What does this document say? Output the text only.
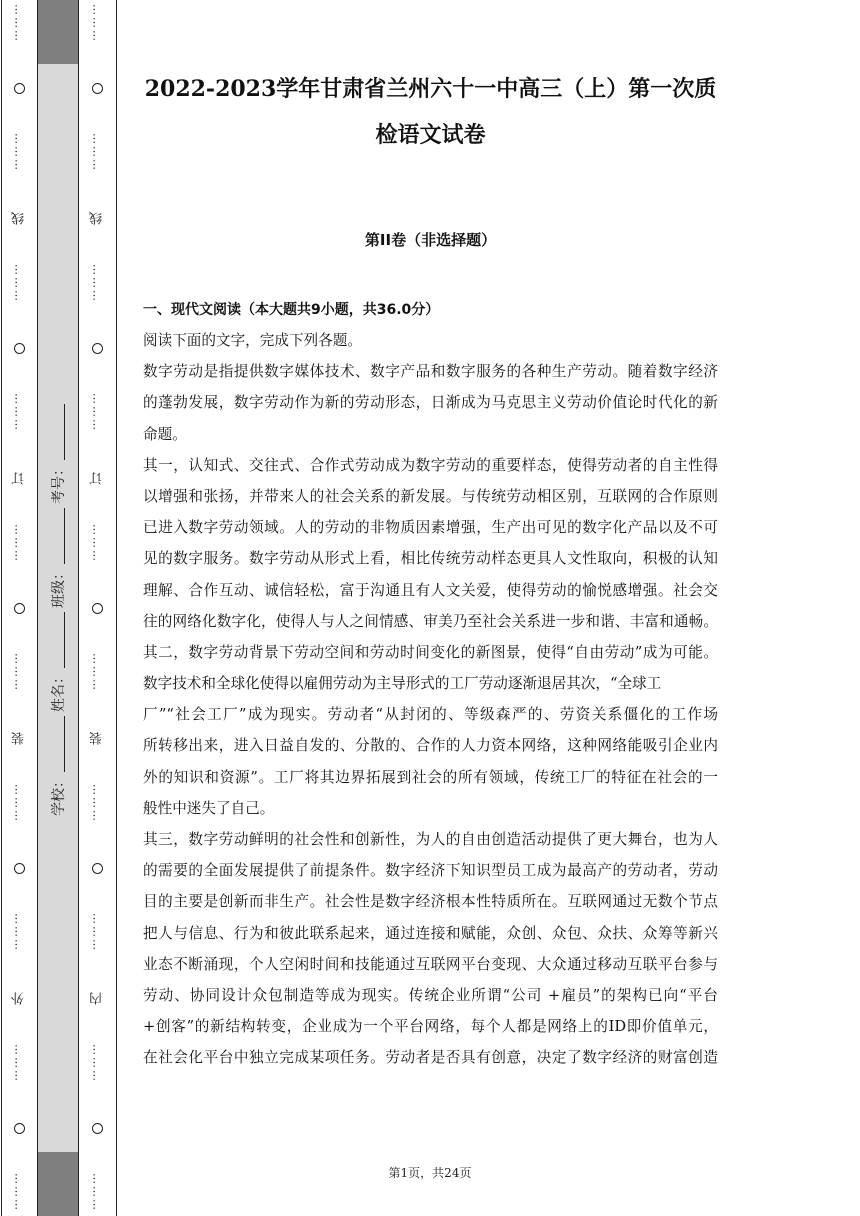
………
………
线
………
………
订
………
………
装
………
………
外
………
………
………
………
线
………
………
订
………
………
装
………
………
内
………
………
学校：
姓名：
班级：
考号：
2022-2023学年甘肃省兰州六十一中高三（上）第一次质
检语文试卷
第II卷（非选择题）
一、现代文阅读（本大题共9小题，共36.0分）
阅读下面的文字，完成下列各题。
数字劳动是指提供数字媒体技术、数字产品和数字服务的各种生产劳动。随着数字经济
的蓬勃发展，数字劳动作为新的劳动形态，日渐成为马克思主义劳动价值论时代化的新
命题。
其一，认知式、交往式、合作式劳动成为数字劳动的重要样态，使得劳动者的自主性得
以增强和张扬，并带来人的社会关系的新发展。与传统劳动相区别，互联网的合作原则
已进入数字劳动领域。人的劳动的非物质因素增强，生产出可见的数字化产品以及不可
见的数字服务。数字劳动从形式上看，相比传统劳动样态更具人文性取向，积极的认知
理解、合作互动、诚信轻松，富于沟通且有人文关爱，使得劳动的愉悦感增强。社会交
往的网络化数字化，使得人与人之间情感、审美乃至社会关系进一步和谐、丰富和通畅。
其二，数字劳动背景下劳动空间和劳动时间变化的新图景，使得“自由劳动”成为可能。
数字技术和全球化使得以雇佣劳动为主导形式的工厂劳动逐渐退居其次，“全球工
厂”“社会工厂”成为现实。劳动者“从封闭的、等级森严的、劳资关系僵化的工作场
所转移出来，进入日益自发的、分散的、合作的人力资本网络，这种网络能吸引企业内
外的知识和资源”。工厂将其边界拓展到社会的所有领域，传统工厂的特征在社会的一
般性中迷失了自己。
其三，数字劳动鲜明的社会性和创新性，为人的自由创造活动提供了更大舞台，也为人
的需要的全面发展提供了前提条件。数字经济下知识型员工成为最高产的劳动者，劳动
目的主要是创新而非生产。社会性是数字经济根本性特质所在。互联网通过无数个节点
把人与信息、行为和彼此联系起来，通过连接和赋能，众创、众包、众扶、众筹等新兴
业态不断涌现，个人空闲时间和技能通过互联网平台变现、大众通过移动互联平台参与
劳动、协同设计众包制造等成为现实。传统企业所谓“公司 +雇员”的架构已向“平台
+创客”的新结构转变，企业成为一个平台网络，每个人都是网络上的ID即价值单元，
在社会化平台中独立完成某项任务。劳动者是否具有创意，决定了数字经济的财富创造
第1页，共24页
